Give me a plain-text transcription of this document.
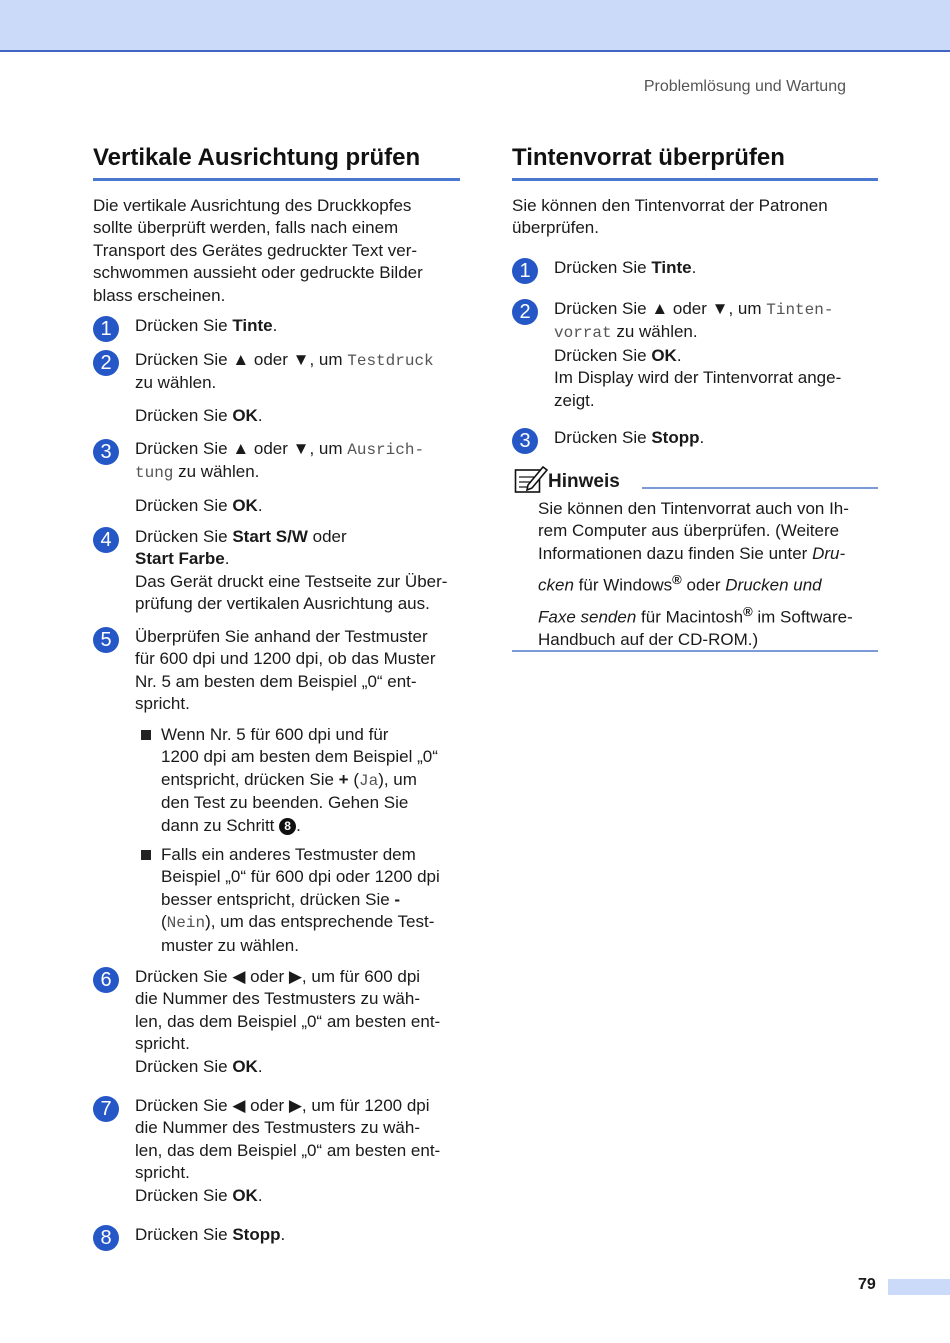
Problemlösung und Wartung
Vertikale Ausrichtung prüfen
Die vertikale Ausrichtung des Druckkopfes
sollte überprüft werden, falls nach einem
Transport des Gerätes gedruckter Text ver-
schwommen aussieht oder gedruckte Bilder
blass erscheinen.
1	Drücken Sie Tinte.
2	Drücken Sie ▲ oder ▼, um Testdruck
zu wählen.
Drücken Sie OK.
3	Drücken Sie ▲ oder ▼, um Ausrich-
tung zu wählen.
Drücken Sie OK.
4	Drücken Sie Start S/W oder
Start Farbe.
Das Gerät druckt eine Testseite zur Über-
prüfung der vertikalen Ausrichtung aus.
5	Überprüfen Sie anhand der Testmuster
für 600 dpi und 1200 dpi, ob das Muster
Nr. 5 am besten dem Beispiel „0“ ent-
spricht.
Wenn Nr. 5 für 600 dpi und für
1200 dpi am besten dem Beispiel „0“
entspricht, drücken Sie + (Ja), um
den Test zu beenden. Gehen Sie
dann zu Schritt 8 .
Falls ein anderes Testmuster dem
Beispiel „0“ für 600 dpi oder 1200 dpi
besser entspricht, drücken Sie -
(Nein), um das entsprechende Test-
muster zu wählen.
6	Drücken Sie ◀ oder ▶, um für 600 dpi
die Nummer des Testmusters zu wäh-
len, das dem Beispiel „0“ am besten ent-
spricht.
Drücken Sie OK.
7	Drücken Sie ◀ oder ▶, um für 1200 dpi
die Nummer des Testmusters zu wäh-
len, das dem Beispiel „0“ am besten ent-
spricht.
Drücken Sie OK.
8	Drücken Sie Stopp.
Tintenvorrat überprüfen
Sie können den Tintenvorrat der Patronen
überprüfen.
1	Drücken Sie Tinte.
2	Drücken Sie ▲ oder ▼, um Tinten-
vorrat zu wählen.
Drücken Sie OK.
Im Display wird der Tintenvorrat ange-
zeigt.
3	Drücken Sie Stopp.
Hinweis
Sie können den Tintenvorrat auch von Ih-
rem Computer aus überprüfen. (Weitere
Informationen dazu finden Sie unter Dru-
cken für Windows® oder Drucken und
Faxe senden für Macintosh® im Software-
Handbuch auf der CD-ROM.)
79
